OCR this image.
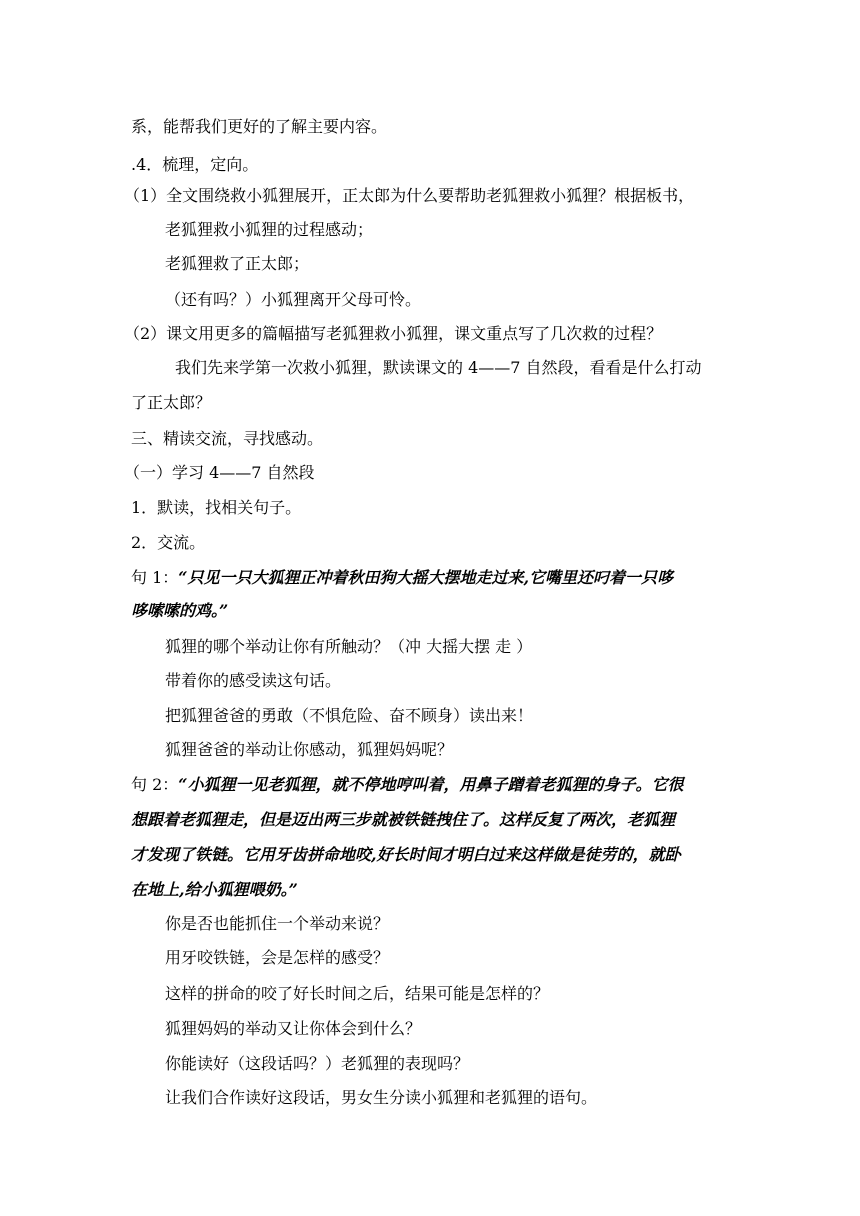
系，能帮我们更好的了解主要内容。
.4．梳理，定向。
（1）全文围绕救小狐狸展开，正太郎为什么要帮助老狐狸救小狐狸？根据板书，
老狐狸救小狐狸的过程感动；
老狐狸救了正太郎；
（还有吗？）小狐狸离开父母可怜。
（2）课文用更多的篇幅描写老狐狸救小狐狸，课文重点写了几次救的过程？
我们先来学第一次救小狐狸，默读课文的 4——7 自然段，看看是什么打动
了正太郎？
三、精读交流，寻找感动。
（一）学习 4——7 自然段
1．默读，找相关句子。
2．交流。
句 1：“只见一只大狐狸正冲着秋田狗大摇大摆地走过来,它嘴里还叼着一只哆
哆嗦嗦的鸡。”
狐狸的哪个举动让你有所触动？（冲 大摇大摆 走 ）
带着你的感受读这句话。
把狐狸爸爸的勇敢（不惧危险、奋不顾身）读出来！
狐狸爸爸的举动让你感动，狐狸妈妈呢？
句 2：“小狐狸一见老狐狸，就不停地哼叫着，用鼻子蹭着老狐狸的身子。它很
想跟着老狐狸走，但是迈出两三步就被铁链拽住了。这样反复了两次，老狐狸
才发现了铁链。它用牙齿拼命地咬,好长时间才明白过来这样做是徒劳的，就卧
在地上,给小狐狸喂奶。”
你是否也能抓住一个举动来说？
用牙咬铁链，会是怎样的感受？
这样的拼命的咬了好长时间之后，结果可能是怎样的？
狐狸妈妈的举动又让你体会到什么？
你能读好（这段话吗？）老狐狸的表现吗？
让我们合作读好这段话，男女生分读小狐狸和老狐狸的语句。
